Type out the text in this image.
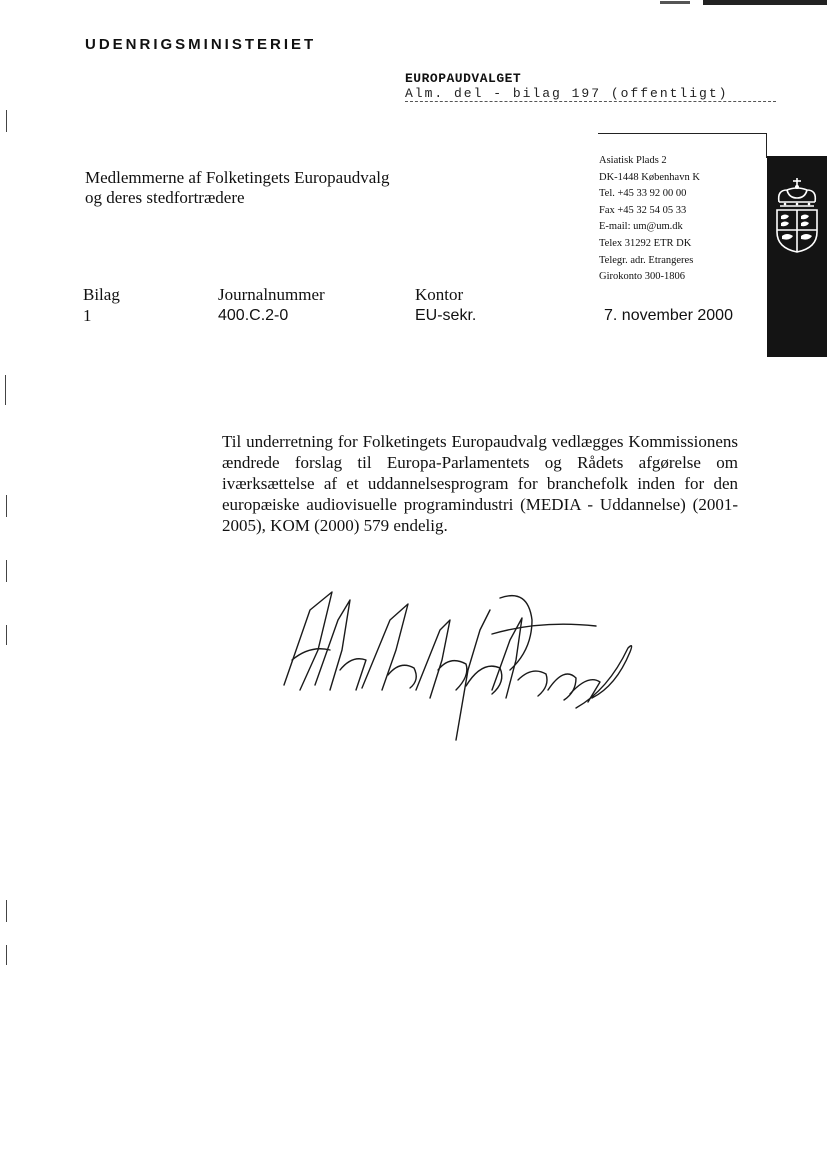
UDENRIGSMINISTERIET
EUROPAUDVALGET
Alm. del - bilag 197 (offentligt)
Medlemmerne af Folketingets Europaudvalg
og deres stedfortrædere
Asiatisk Plads 2
DK-1448 København K
Tel. +45 33 92 00 00
Fax +45 32 54 05 33
E-mail: um@um.dk
Telex 31292 ETR DK
Telegr. adr. Etrangeres
Girokonto 300-1806
Bilag
1
Journalnummer
400.C.2-0
Kontor
EU-sekr.	7. november 2000
Til underretning for Folketingets Europaudvalg vedlægges Kommissionens ændrede forslag til Europa-Parlamentets og Rådets afgørelse om iværksættelse af et uddannelsesprogram for branchefolk inden for den europæiske audiovisuelle programindustri (MEDIA - Uddannelse) (2001-2005), KOM (2000) 579 endelig.
